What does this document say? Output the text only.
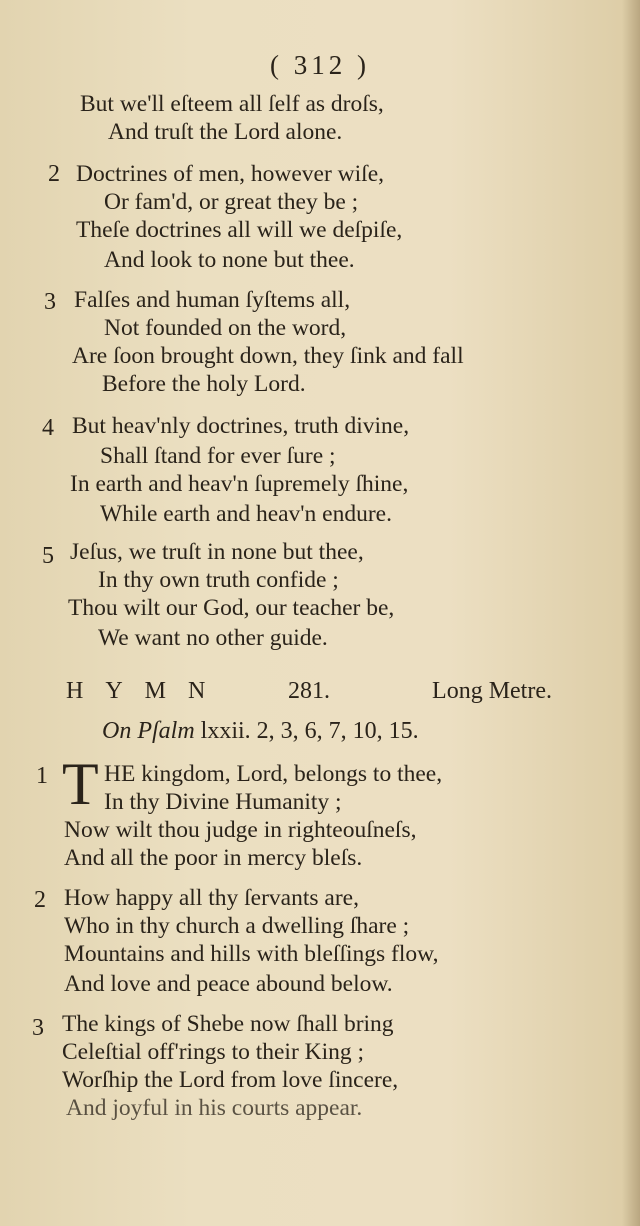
( 312 )
But we'll eſteem all ſelf as droſs,
And truſt the Lord alone.
2 Doctrines of men, however wiſe,
Or fam'd, or great they be ;
Theſe doctrines all will we deſpiſe,
And look to none but thee.
3 Falſes and human ſyſtems all,
Not founded on the word,
Are ſoon brought down, they ſink and fall
Before the holy Lord.
4 But heav'nly doctrines, truth divine,
Shall ſtand for ever ſure ;
In earth and heav'n ſupremely ſhine,
While earth and heav'n endure.
5 Jeſus, we truſt in none but thee,
In thy own truth confide ;
Thou wilt our God, our teacher be,
We want no other guide.
HYMN	281.	Long Metre.
On Pſalm lxxii. 2, 3, 6, 7, 10, 15.
1 T HE kingdom, Lord, belongs to thee,
In thy Divine Humanity ;
Now wilt thou judge in righteouſneſs,
And all the poor in mercy bleſs.
2 How happy all thy ſervants are,
Who in thy church a dwelling ſhare ;
Mountains and hills with bleſſings flow,
And love and peace abound below.
3 The kings of Shebe now ſhall bring
Celeſtial off'rings to their King ;
Worſhip the Lord from love ſincere,
And joyful in his courts appear.
